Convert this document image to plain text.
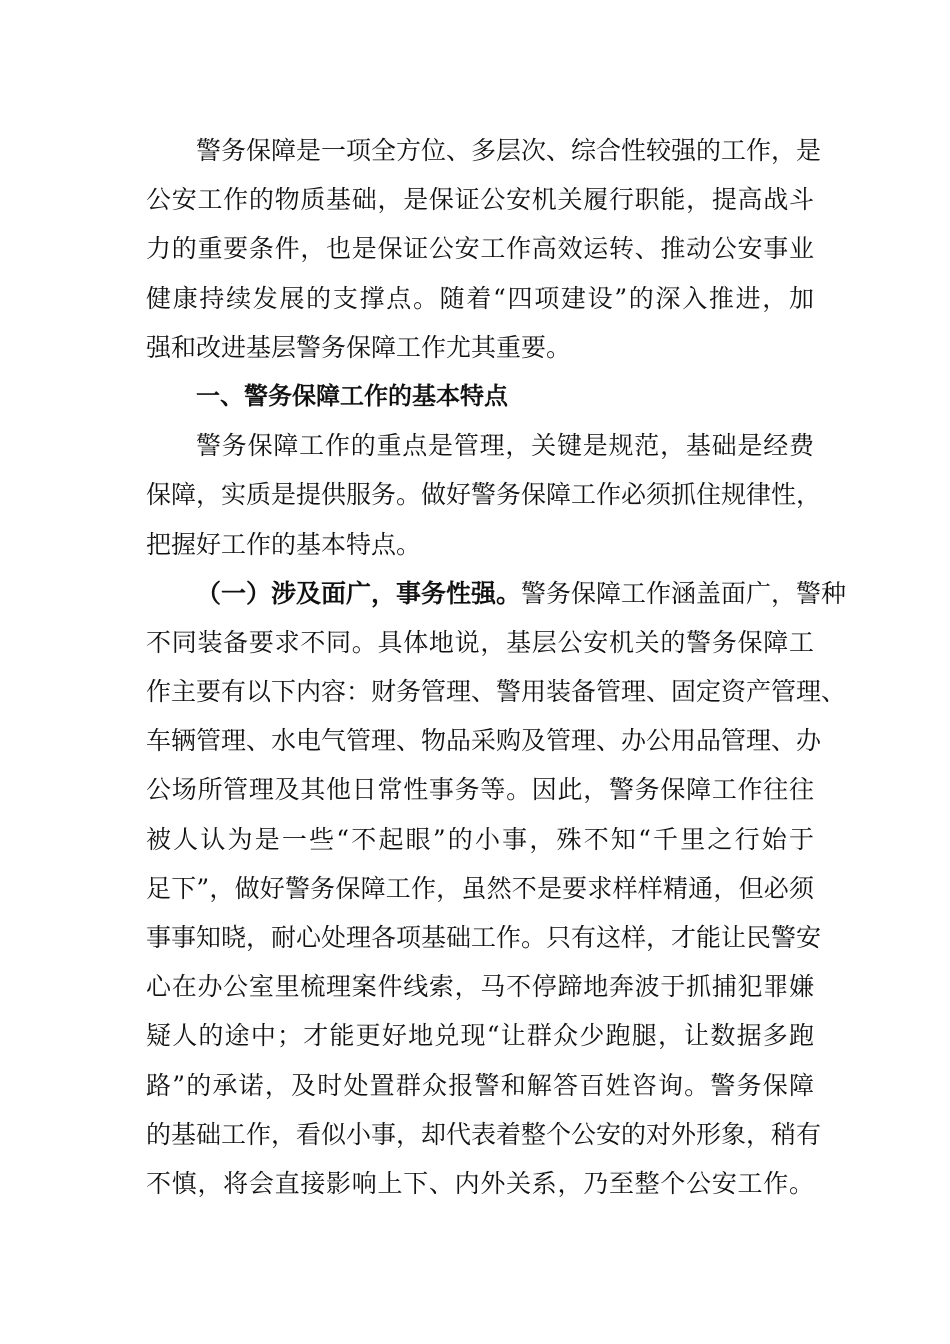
警务保障是一项全方位、多层次、综合性较强的工作，是
公安工作的物质基础，是保证公安机关履行职能，提高战斗
力的重要条件，也是保证公安工作高效运转、推动公安事业
健康持续发展的支撑点。随着“四项建设”的深入推进，加
强和改进基层警务保障工作尤其重要。
一、警务保障工作的基本特点
警务保障工作的重点是管理，关键是规范，基础是经费
保障，实质是提供服务。做好警务保障工作必须抓住规律性，
把握好工作的基本特点。
（一）涉及面广，事务性强。警务保障工作涵盖面广，警种
不同装备要求不同。具体地说，基层公安机关的警务保障工
作主要有以下内容：财务管理、警用装备管理、固定资产管理、
车辆管理、水电气管理、物品采购及管理、办公用品管理、办
公场所管理及其他日常性事务等。因此，警务保障工作往往
被人认为是一些“不起眼”的小事，殊不知“千里之行始于
足下”，做好警务保障工作，虽然不是要求样样精通，但必须
事事知晓，耐心处理各项基础工作。只有这样，才能让民警安
心在办公室里梳理案件线索，马不停蹄地奔波于抓捕犯罪嫌
疑人的途中；才能更好地兑现“让群众少跑腿，让数据多跑
路”的承诺，及时处置群众报警和解答百姓咨询。警务保障
的基础工作，看似小事，却代表着整个公安的对外形象，稍有
不慎，将会直接影响上下、内外关系，乃至整个公安工作。
